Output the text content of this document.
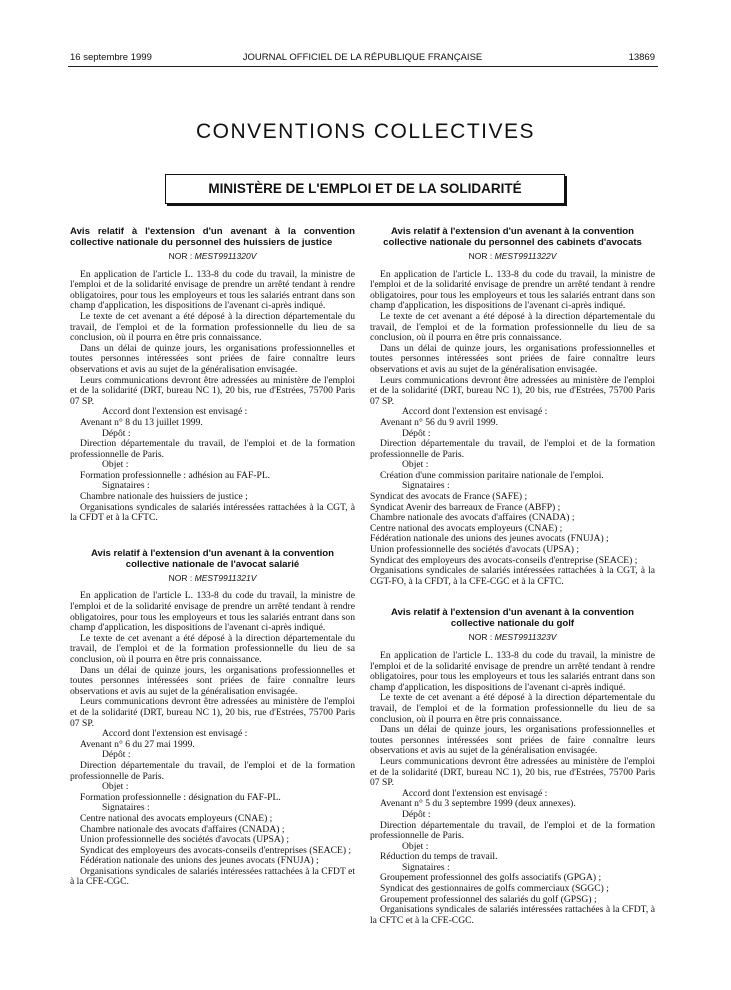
16 septembre 1999	JOURNAL OFFICIEL DE LA RÉPUBLIQUE FRANÇAISE	13869
CONVENTIONS COLLECTIVES
MINISTÈRE DE L'EMPLOI ET DE LA SOLIDARITÉ

Avis relatif à l'extension d'un avenant à la convention collective nationale du personnel des huissiers de justice

NOR : MEST9911320V

En application de l'article L. 133-8 du code du travail, la ministre de l'emploi et de la solidarité envisage de prendre un arrêté tendant à rendre obligatoires, pour tous les employeurs et tous les salariés entrant dans son champ d'application, les dispositions de l'avenant ci-après indiqué.

Le texte de cet avenant a été déposé à la direction départementale du travail, de l'emploi et de la formation professionnelle du lieu de sa conclusion, où il pourra en être pris connaissance.

Dans un délai de quinze jours, les organisations professionnelles et toutes personnes intéressées sont priées de faire connaître leurs observations et avis au sujet de la généralisation envisagée.

Leurs communications devront être adressées au ministère de l'emploi et de la solidarité (DRT, bureau NC 1), 20 bis, rue d'Estrées, 75700 Paris 07 SP.

Accord dont l'extension est envisagé :

Avenant n° 8 du 13 juillet 1999.

Dépôt :

Direction départementale du travail, de l'emploi et de la formation professionnelle de Paris.

Objet :

Formation professionnelle : adhésion au FAF-PL.

Signataires :

Chambre nationale des huissiers de justice ;

Organisations syndicales de salariés intéressées rattachées à la CGT, à la CFDT et à la CFTC.

Avis relatif à l'extension d'un avenant à la convention collective nationale de l'avocat salarié

NOR : MEST9911321V

En application de l'article L. 133-8 du code du travail, la ministre de l'emploi et de la solidarité envisage de prendre un arrêté tendant à rendre obligatoires, pour tous les employeurs et tous les salariés entrant dans son champ d'application, les dispositions de l'avenant ci-après indiqué.

Le texte de cet avenant a été déposé à la direction départementale du travail, de l'emploi et de la formation professionnelle du lieu de sa conclusion, où il pourra en être pris connaissance.

Dans un délai de quinze jours, les organisations professionnelles et toutes personnes intéressées sont priées de faire connaître leurs observations et avis au sujet de la généralisation envisagée.

Leurs communications devront être adressées au ministère de l'emploi et de la solidarité (DRT, bureau NC 1), 20 bis, rue d'Estrées, 75700 Paris 07 SP.

Accord dont l'extension est envisagé :

Avenant n° 6 du 27 mai 1999.

Dépôt :

Direction départementale du travail, de l'emploi et de la formation professionnelle de Paris.

Objet :

Formation professionnelle : désignation du FAF-PL.

Signataires :

Centre national des avocats employeurs (CNAE) ;

Chambre nationale des avocats d'affaires (CNADA) ;

Union professionnelle des sociétés d'avocats (UPSA) ;

Syndicat des employeurs des avocats-conseils d'entreprises (SEACE) ;

Fédération nationale des unions des jeunes avocats (FNUJA) ;

Organisations syndicales de salariés intéressées rattachées à la CFDT et à la CFE-CGC.

Avis relatif à l'extension d'un avenant à la convention collective nationale du personnel des cabinets d'avocats

NOR : MEST9911322V

En application de l'article L. 133-8 du code du travail, la ministre de l'emploi et de la solidarité envisage de prendre un arrêté tendant à rendre obligatoires, pour tous les employeurs et tous les salariés entrant dans son champ d'application, les dispositions de l'avenant ci-après indiqué.

Le texte de cet avenant a été déposé à la direction départementale du travail, de l'emploi et de la formation professionnelle du lieu de sa conclusion, où il pourra en être pris connaissance.

Dans un délai de quinze jours, les organisations professionnelles et toutes personnes intéressées sont priées de faire connaître leurs observations et avis au sujet de la généralisation envisagée.

Leurs communications devront être adressées au ministère de l'emploi et de la solidarité (DRT, bureau NC 1), 20 bis, rue d'Estrées, 75700 Paris 07 SP.

Accord dont l'extension est envisagé :

Avenant n° 56 du 9 avril 1999.

Dépôt :

Direction départementale du travail, de l'emploi et de la formation professionnelle de Paris.

Objet :

Création d'une commission paritaire nationale de l'emploi.

Signataires :

Syndicat des avocats de France (SAFE) ;

Syndicat Avenir des barreaux de France (ABFP) ;

Chambre nationale des avocats d'affaires (CNADA) ;

Centre national des avocats employeurs (CNAE) ;

Fédération nationale des unions des jeunes avocats (FNUJA) ;

Union professionnelle des sociétés d'avocats (UPSA) ;

Syndicat des employeurs des avocats-conseils d'entreprise (SEACE) ;

Organisations syndicales de salariés intéressées rattachées à la CGT, à la CGT-FO, à la CFDT, à la CFE-CGC et à la CFTC.

Avis relatif à l'extension d'un avenant à la convention collective nationale du golf

NOR : MEST9911323V

En application de l'article L. 133-8 du code du travail, la ministre de l'emploi et de la solidarité envisage de prendre un arrêté tendant à rendre obligatoires, pour tous les employeurs et tous les salariés entrant dans son champ d'application, les dispositions de l'avenant ci-après indiqué.

Le texte de cet avenant a été déposé à la direction départementale du travail, de l'emploi et de la formation professionnelle du lieu de sa conclusion, où il pourra en être pris connaissance.

Dans un délai de quinze jours, les organisations professionnelles et toutes personnes intéressées sont priées de faire connaître leurs observations et avis au sujet de la généralisation envisagée.

Leurs communications devront être adressées au ministère de l'emploi et de la solidarité (DRT, bureau NC 1), 20 bis, rue d'Estrées, 75700 Paris 07 SP.

Accord dont l'extension est envisagé :

Avenant n° 5 du 3 septembre 1999 (deux annexes).

Dépôt :

Direction départementale du travail, de l'emploi et de la formation professionnelle de Paris.

Objet :

Réduction du temps de travail.

Signataires :

Groupement professionnel des golfs associatifs (GPGA) ;

Syndicat des gestionnaires de golfs commerciaux (SGGC) ;

Groupement professionnel des salariés du golf (GPSG) ;

Organisations syndicales de salariés intéressées rattachées à la CFDT, à la CFTC et à la CFE-CGC.
